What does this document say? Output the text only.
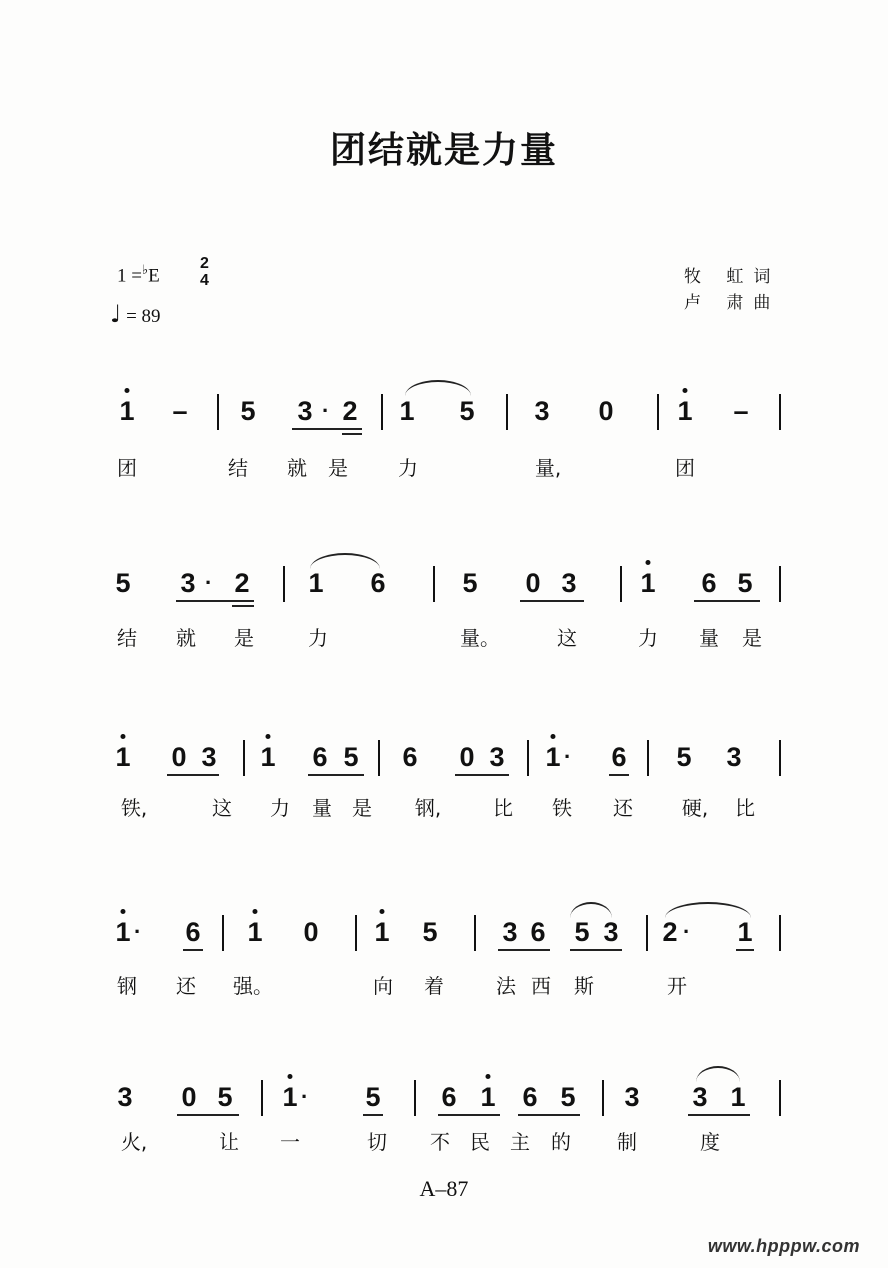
团结就是力量
1 =♭E
2
4
♩ = 89
牧 虹词
卢 肃曲
1 – 5 3 · 2 1 5 3 0 1 –
团	结 就 是	力	量,	团
5 3 · 2 1 6	5 0 3 1 6 5
结 就 是	力	量。	这	力 量 是
1 0 3 1 6 5 6 0 3 1 · 6 5 3
铁,	这 力 量 是 钢,	比 铁 还 硬, 比
1 · 6 1 0 1 5 3 6 5 3 2 · 1
钢 还 强。	向 着	法 西 斯	开
3 0 5 1 · 5 6 1 6 5 3 3 1
火,	让 一	切 不 民 主 的 制	度
A–87
www.hpppw.com
